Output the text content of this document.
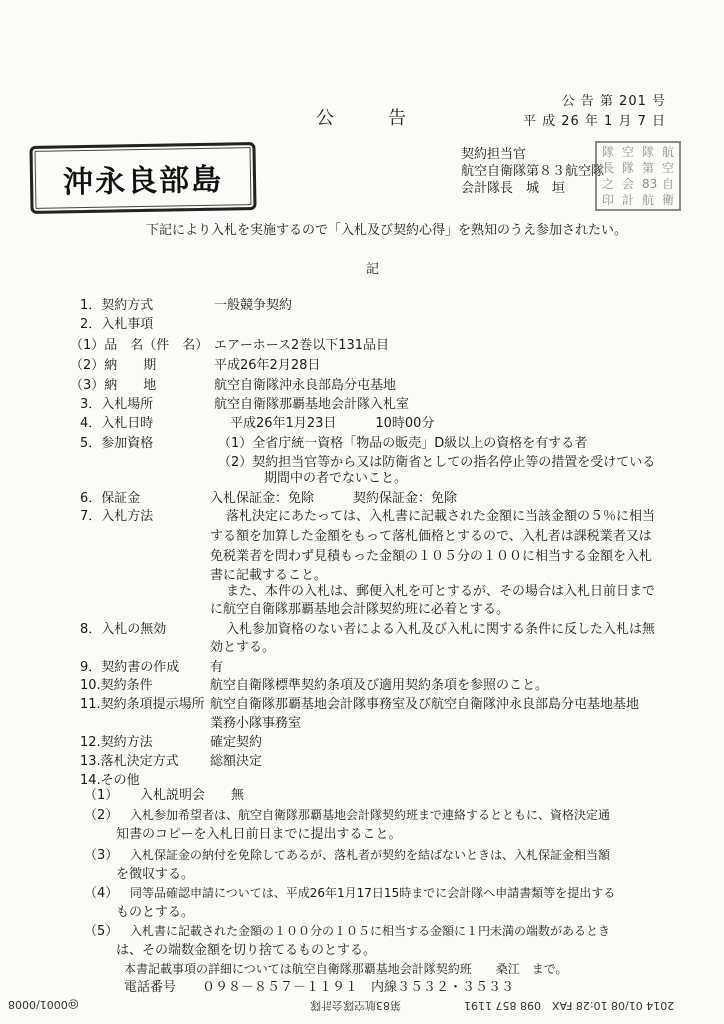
公 告 第 201 号
平 成 26 年 1 月 7 日
公　　告
沖永良部島
契約担当官
航空自衛隊第８３航空隊
会計隊長　城　垣　
航
空
自
衛
隊
第
83
航
空
隊
会
計
隊
長
之
印
下記により入札を実施するので「入札及び契約心得」を熟知のうえ参加されたい。
記
1．契約方式	一般競争契約
2．入札事項
（1）品　名（件　名） エアーホース2巻以下131品目
（2）納　　期	平成26年2月28日
（3）納　　地	航空自衛隊沖永良部島分屯基地
3．入札場所	航空自衛隊那覇基地会計隊入札室
4．入札日時	平成26年1月23日　　　10時00分
5．参加資格	（1）全省庁統一資格「物品の販売」D級以上の資格を有する者
（2）契約担当官等から又は防衛省としての指名停止等の措置を受けている
期間中の者でないこと。
6．保証金	入札保証金：免除　　　契約保証金：免除
7．入札方法	落札決定にあたっては、入札書に記載された金額に当該金額の５％に相当
する額を加算した金額をもって落札価格とするので、入札者は課税業者又は
免税業者を問わず見積もった金額の１０５分の１００に相当する金額を入札
書に記載すること。
また、本件の入札は、郵便入札を可とするが、その場合は入札日前日まで
に航空自衛隊那覇基地会計隊契約班に必着とする。
8．入札の無効	入札参加資格のない者による入札及び入札に関する条件に反した入札は無
効とする。
9．契約書の作成 有
10.契約条件	航空自衛隊標準契約条項及び適用契約条項を参照のこと。
11.契約条項提示場所 航空自衛隊那覇基地会計隊事務室及び航空自衛隊沖永良部島分屯基地基地
業務小隊事務室
12.契約方法	確定契約
13.落札決定方式 総額決定
14.その他
（1） 入札説明会　　無
（2） 入札参加希望者は、航空自衛隊那覇基地会計隊契約班まで連絡するとともに、資格決定通
知書のコピーを入札日前日までに提出すること。
（3） 入札保証金の納付を免除してあるが、落札者が契約を結ばないときは、入札保証金相当額
を徴収する。
（4） 同等品確認申請については、平成26年1月17日15時までに会計隊へ申請書類等を提出する
ものとする。
（5） 入札書に記載された金額の１００分の１０５に相当する金額に１円未満の端数があるとき
は、その端数金額を切り捨てるものとする。
本書記載事項の詳細については航空自衛隊那覇基地会計隊契約班　　桑江　まで。
電話番号　　０９８－８５７－１１９１　内線３５３２・３５３３
2014 01/08 10:28 FAX　098 857 1191
第83航空隊会計隊
@0001/0008
